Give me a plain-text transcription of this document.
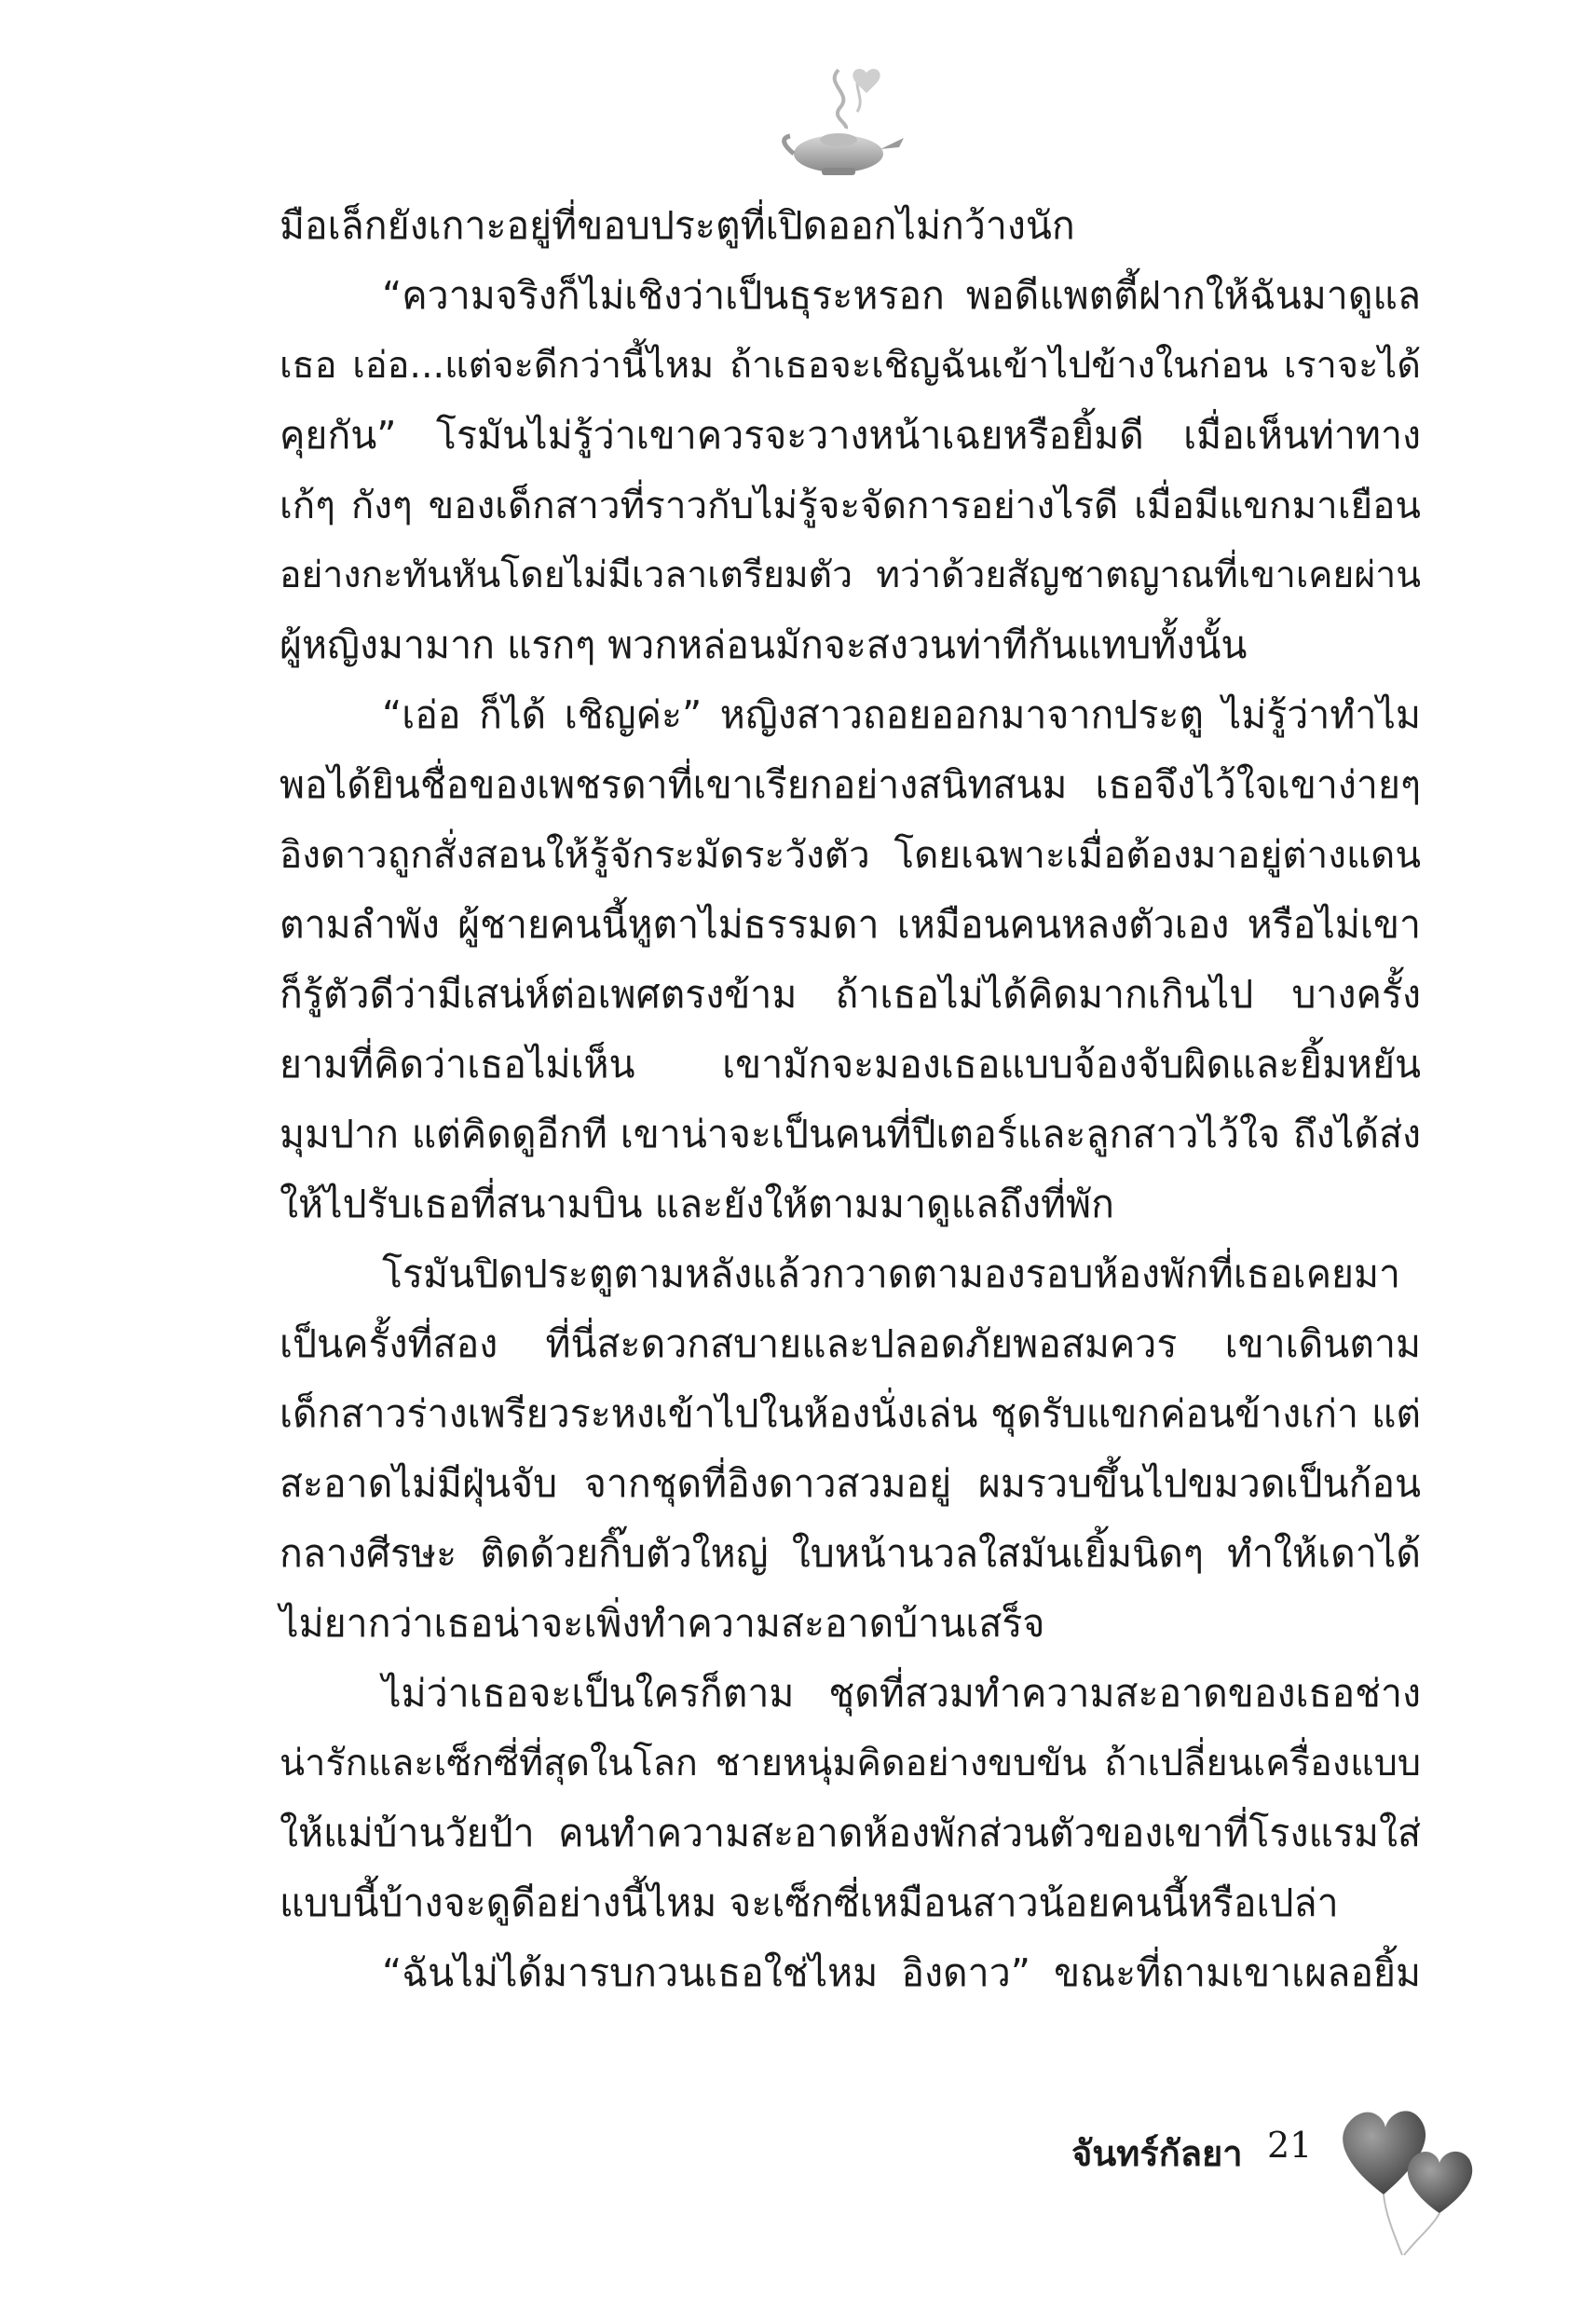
มือเล็กยังเกาะอยู่ที่ขอบประตูที่เปิดออกไม่กว้างนัก

“ความจริงก็ไม่เชิงว่าเป็นธุระหรอก พอดีแพตตี้ฝากให้ฉันมาดูแล

เธอ เอ่อ...แต่จะดีกว่านี้ไหม ถ้าเธอจะเชิญฉันเข้าไปข้างในก่อน เราจะได้

คุยกัน” โรมันไม่รู้ว่าเขาควรจะวางหน้าเฉยหรือยิ้มดี เมื่อเห็นท่าทาง

เก้ๆ กังๆ ของเด็กสาวที่ราวกับไม่รู้จะจัดการอย่างไรดี เมื่อมีแขกมาเยือน

อย่างกะทันหันโดยไม่มีเวลาเตรียมตัว ทว่าด้วยสัญชาตญาณที่เขาเคยผ่าน

ผู้หญิงมามาก แรกๆ พวกหล่อนมักจะสงวนท่าทีกันแทบทั้งนั้น

“เอ่อ ก็ได้ เชิญค่ะ” หญิงสาวถอยออกมาจากประตู ไม่รู้ว่าทำไม

พอได้ยินชื่อของเพชรดาที่เขาเรียกอย่างสนิทสนม เธอจึงไว้ใจเขาง่ายๆ

อิงดาวถูกสั่งสอนให้รู้จักระมัดระวังตัว โดยเฉพาะเมื่อต้องมาอยู่ต่างแดน

ตามลำพัง ผู้ชายคนนี้หูตาไม่ธรรมดา เหมือนคนหลงตัวเอง หรือไม่เขา

ก็รู้ตัวดีว่ามีเสน่ห์ต่อเพศตรงข้าม ถ้าเธอไม่ได้คิดมากเกินไป บางครั้ง

ยามที่คิดว่าเธอไม่เห็น เขามักจะมองเธอแบบจ้องจับผิดและยิ้มหยัน

มุมปาก แต่คิดดูอีกที เขาน่าจะเป็นคนที่ปีเตอร์และลูกสาวไว้ใจ ถึงได้ส่ง

ให้ไปรับเธอที่สนามบิน และยังให้ตามมาดูแลถึงที่พัก

โรมันปิดประตูตามหลังแล้วกวาดตามองรอบห้องพักที่เธอเคยมา

เป็นครั้งที่สอง ที่นี่สะดวกสบายและปลอดภัยพอสมควร เขาเดินตาม

เด็กสาวร่างเพรียวระหงเข้าไปในห้องนั่งเล่น ชุดรับแขกค่อนข้างเก่า แต่

สะอาดไม่มีฝุ่นจับ จากชุดที่อิงดาวสวมอยู่ ผมรวบขึ้นไปขมวดเป็นก้อน

กลางศีรษะ ติดด้วยกิ๊บตัวใหญ่ ใบหน้านวลใสมันเยิ้มนิดๆ ทำให้เดาได้

ไม่ยากว่าเธอน่าจะเพิ่งทำความสะอาดบ้านเสร็จ

ไม่ว่าเธอจะเป็นใครก็ตาม ชุดที่สวมทำความสะอาดของเธอช่าง

น่ารักและเซ็กซี่ที่สุดในโลก ชายหนุ่มคิดอย่างขบขัน ถ้าเปลี่ยนเครื่องแบบ

ให้แม่บ้านวัยป้า คนทำความสะอาดห้องพักส่วนตัวของเขาที่โรงแรมใส่

แบบนี้บ้างจะดูดีอย่างนี้ไหม จะเซ็กซี่เหมือนสาวน้อยคนนี้หรือเปล่า

“ฉันไม่ได้มารบกวนเธอใช่ไหม อิงดาว” ขณะที่ถามเขาเผลอยิ้ม

จันทร์กัลยา 21
